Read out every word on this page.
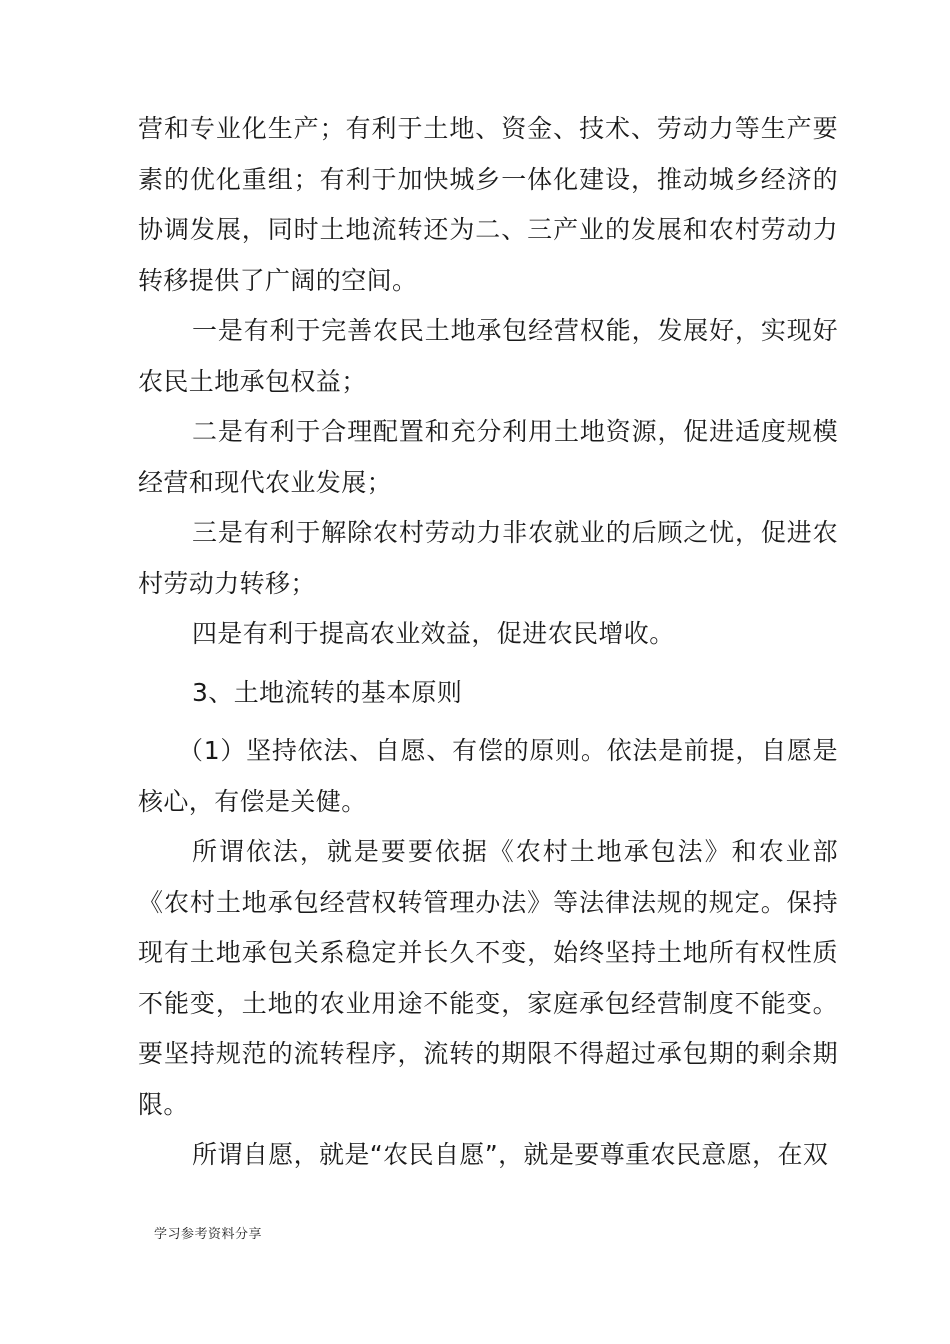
营和专业化生产；有利于土地、资金、技术、劳动力等生产要素的优化重组；有利于加快城乡一体化建设，推动城乡经济的协调发展，同时土地流转还为二、三产业的发展和农村劳动力转移提供了广阔的空间。

一是有利于完善农民土地承包经营权能，发展好，实现好农民土地承包权益；

二是有利于合理配置和充分利用土地资源，促进适度规模经营和现代农业发展；

三是有利于解除农村劳动力非农就业的后顾之忧，促进农村劳动力转移；

四是有利于提高农业效益，促进农民增收。

3、土地流转的基本原则

（1）坚持依法、自愿、有偿的原则。依法是前提，自愿是核心，有偿是关健。

所谓依法，就是要要依据《农村土地承包法》和农业部《农村土地承包经营权转管理办法》等法律法规的规定。保持现有土地承包关系稳定并长久不变，始终坚持土地所有权性质不能变，土地的农业用途不能变，家庭承包经营制度不能变。要坚持规范的流转程序，流转的期限不得超过承包期的剩余期限。

所谓自愿，就是“农民自愿”，就是要尊重农民意愿，在双

学习参考资料分享
